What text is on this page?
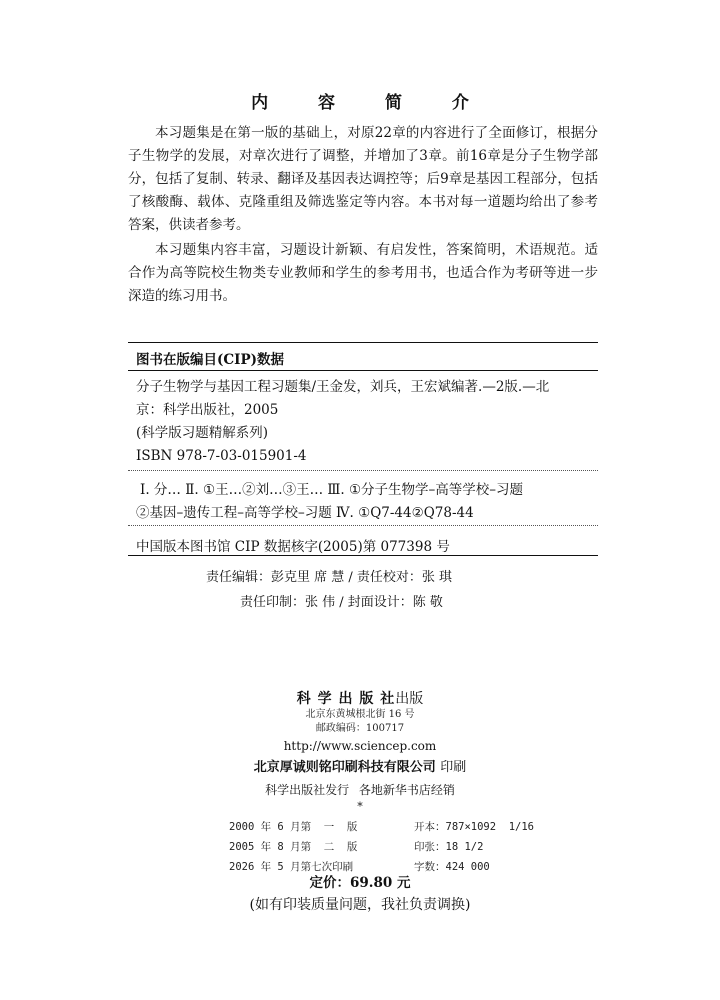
内 容 简 介

本习题集是在第一版的基础上，对原22章的内容进行了全面修订，根据分子生物学的发展，对章次进行了调整，并增加了3章。前16章是分子生物学部分，包括了复制、转录、翻译及基因表达调控等；后9章是基因工程部分，包括了核酸酶、载体、克隆重组及筛选鉴定等内容。本书对每一道题均给出了参考答案，供读者参考。

本习题集内容丰富，习题设计新颖、有启发性，答案简明，术语规范。适合作为高等院校生物类专业教师和学生的参考用书，也适合作为考研等进一步深造的练习用书。

图书在版编目(CIP)数据
分子生物学与基因工程习题集/王金发，刘兵，王宏斌编著.—2版.—北
京：科学出版社，2005
(科学版习题精解系列)
ISBN 978-7-03-015901-4
Ⅰ. 分… Ⅱ. ①王…②刘…③王… Ⅲ. ①分子生物学–高等学校–习题
②基因–遗传工程–高等学校–习题 Ⅳ. ①Q7-44②Q78-44
中国版本图书馆 CIP 数据核字(2005)第 077398 号
责任编辑：彭克里 席 慧 / 责任校对：张 琪
责任印制：张 伟 / 封面设计：陈 敬
科 学 出 版 社出版
北京东黄城根北街 16 号
邮政编码：100717
http://www.sciencep.com
北京厚诚则铭印刷科技有限公司 印刷
科学出版社发行 各地新华书店经销
*
2000 年 6 月第  一  版	开本：787×1092  1/16
2005 年 8 月第  二  版	印张：18 1/2
2026 年 5 月第七次印刷	字数：424 000
定价：69.80 元
(如有印装质量问题，我社负责调换)
